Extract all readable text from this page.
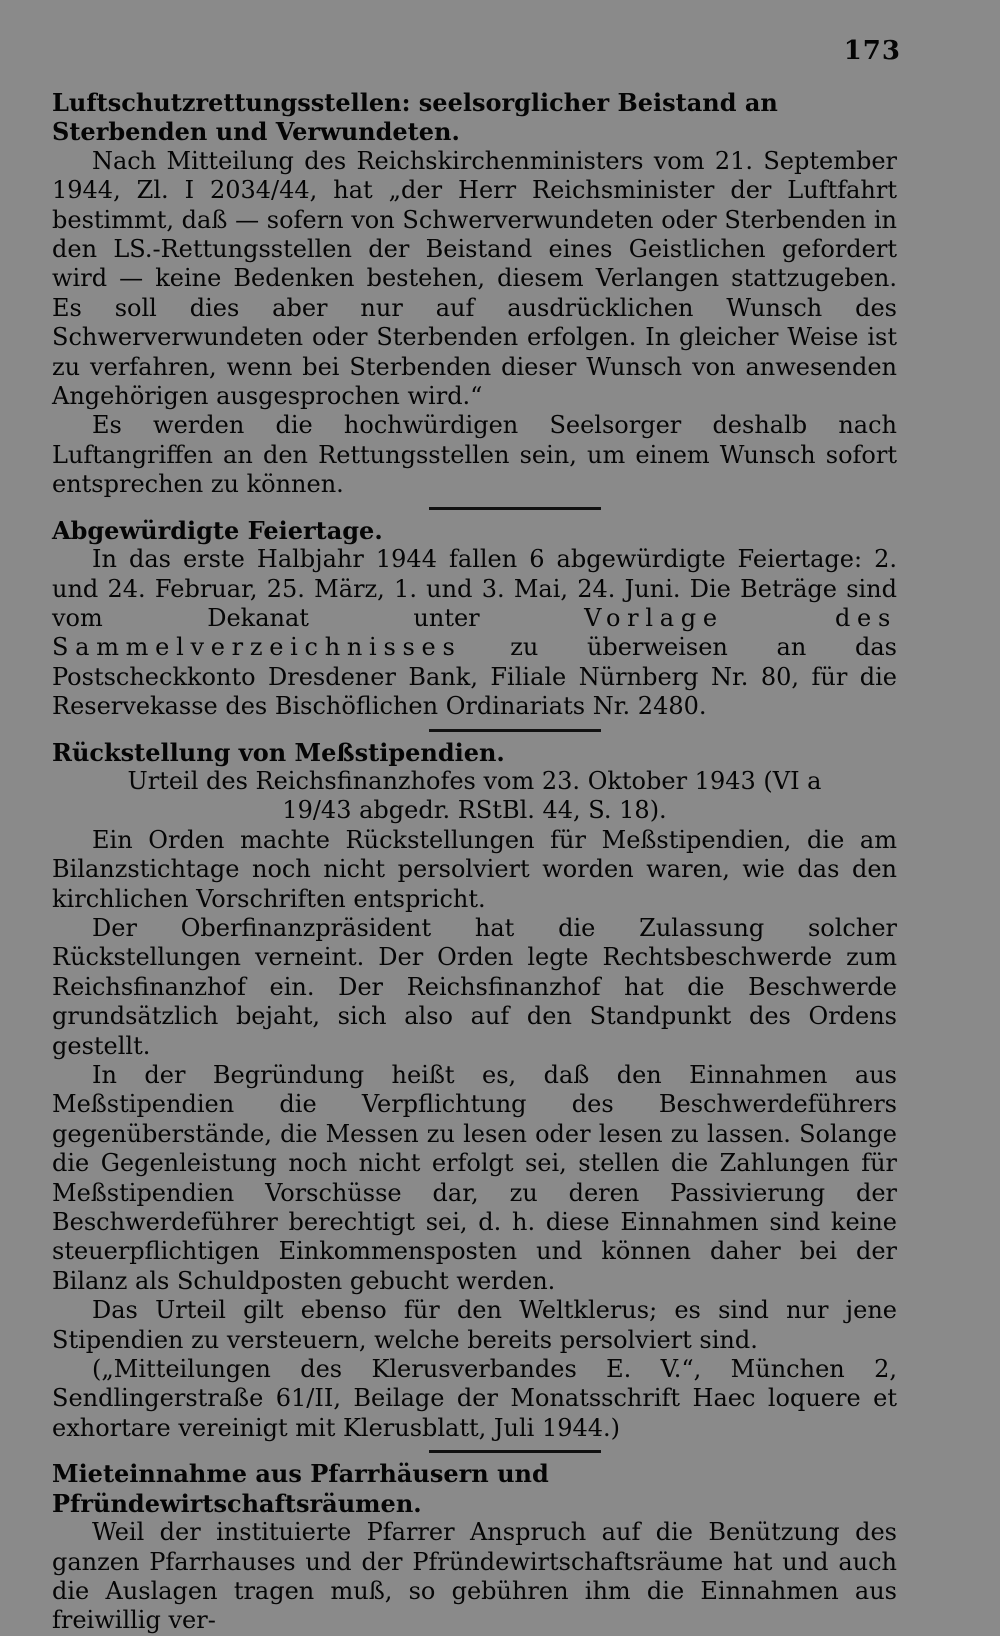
173
Luftschutzrettungsstellen: seelsorglicher Beistand an Sterbenden und Verwundeten.

Nach Mitteilung des Reichskirchenministers vom 21. September 1944, Zl. I 2034/44, hat „der Herr Reichsminister der Luftfahrt bestimmt, daß — sofern von Schwerverwundeten oder Sterbenden in den LS.-Rettungsstellen der Beistand eines Geistlichen gefordert wird — keine Bedenken bestehen, diesem Verlangen stattzugeben. Es soll dies aber nur auf ausdrücklichen Wunsch des Schwerverwundeten oder Sterbenden erfolgen. In gleicher Weise ist zu verfahren, wenn bei Sterbenden dieser Wunsch von anwesenden Angehörigen ausgesprochen wird.“

Es werden die hochwürdigen Seelsorger deshalb nach Luftangriffen an den Rettungsstellen sein, um einem Wunsch sofort entsprechen zu können.

Abgewürdigte Feiertage.

In das erste Halbjahr 1944 fallen 6 abgewürdigte Feiertage: 2. und 24. Februar, 25. März, 1. und 3. Mai, 24. Juni. Die Beträge sind vom Dekanat unter Vorlage des Sammelverzeichnisses zu überweisen an das Postscheckkonto Dresdener Bank, Filiale Nürnberg Nr. 80, für die Reservekasse des Bischöflichen Ordinariats Nr. 2480.

Rückstellung von Meßstipendien.

Urteil des Reichsfinanzhofes vom 23. Oktober 1943 (VI a 19/43 abgedr. RStBl. 44, S. 18).

Ein Orden machte Rückstellungen für Meßstipendien, die am Bilanzstichtage noch nicht persolviert worden waren, wie das den kirchlichen Vorschriften entspricht.

Der Oberfinanzpräsident hat die Zulassung solcher Rückstellungen verneint. Der Orden legte Rechtsbeschwerde zum Reichsfinanzhof ein. Der Reichsfinanzhof hat die Beschwerde grundsätzlich bejaht, sich also auf den Standpunkt des Ordens gestellt.

In der Begründung heißt es, daß den Einnahmen aus Meßstipendien die Verpflichtung des Beschwerdeführers gegenüberstände, die Messen zu lesen oder lesen zu lassen. Solange die Gegenleistung noch nicht erfolgt sei, stellen die Zahlungen für Meßstipendien Vorschüsse dar, zu deren Passivierung der Beschwerdeführer berechtigt sei, d. h. diese Einnahmen sind keine steuerpflichtigen Einkommensposten und können daher bei der Bilanz als Schuldposten gebucht werden.

Das Urteil gilt ebenso für den Weltklerus; es sind nur jene Stipendien zu versteuern, welche bereits persolviert sind.

(„Mitteilungen des Klerusverbandes E. V.“, München 2, Sendlingerstraße 61/II, Beilage der Monatsschrift Haec loquere et exhortare vereinigt mit Klerusblatt, Juli 1944.)

Mieteinnahme aus Pfarrhäusern und Pfründewirtschaftsräumen.

Weil der instituierte Pfarrer Anspruch auf die Benützung des ganzen Pfarrhauses und der Pfründewirtschaftsräume hat und auch die Auslagen tragen muß, so gebühren ihm die Einnahmen aus freiwillig ver-
